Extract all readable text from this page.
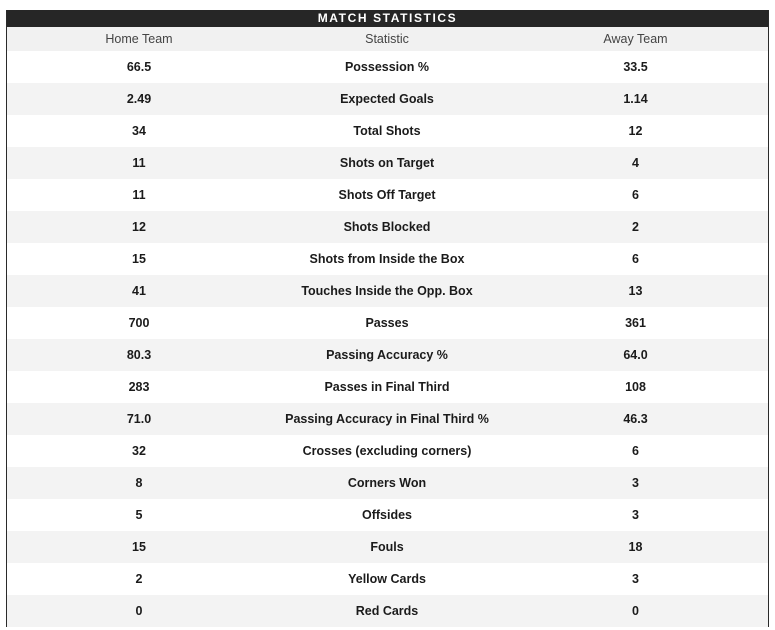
MATCH STATISTICS
Home Team	Statistic	Away Team
66.5	Possession %	33.5
2.49	Expected Goals	1.14
34	Total Shots	12
11	Shots on Target	4
11	Shots Off Target	6
12	Shots Blocked	2
15	Shots from Inside the Box	6
41	Touches Inside the Opp. Box	13
700	Passes	361
80.3	Passing Accuracy %	64.0
283	Passes in Final Third	108
71.0	Passing Accuracy in Final Third %	46.3
32	Crosses (excluding corners)	6
8	Corners Won	3
5	Offsides	3
15	Fouls	18
2	Yellow Cards	3
0	Red Cards	0
